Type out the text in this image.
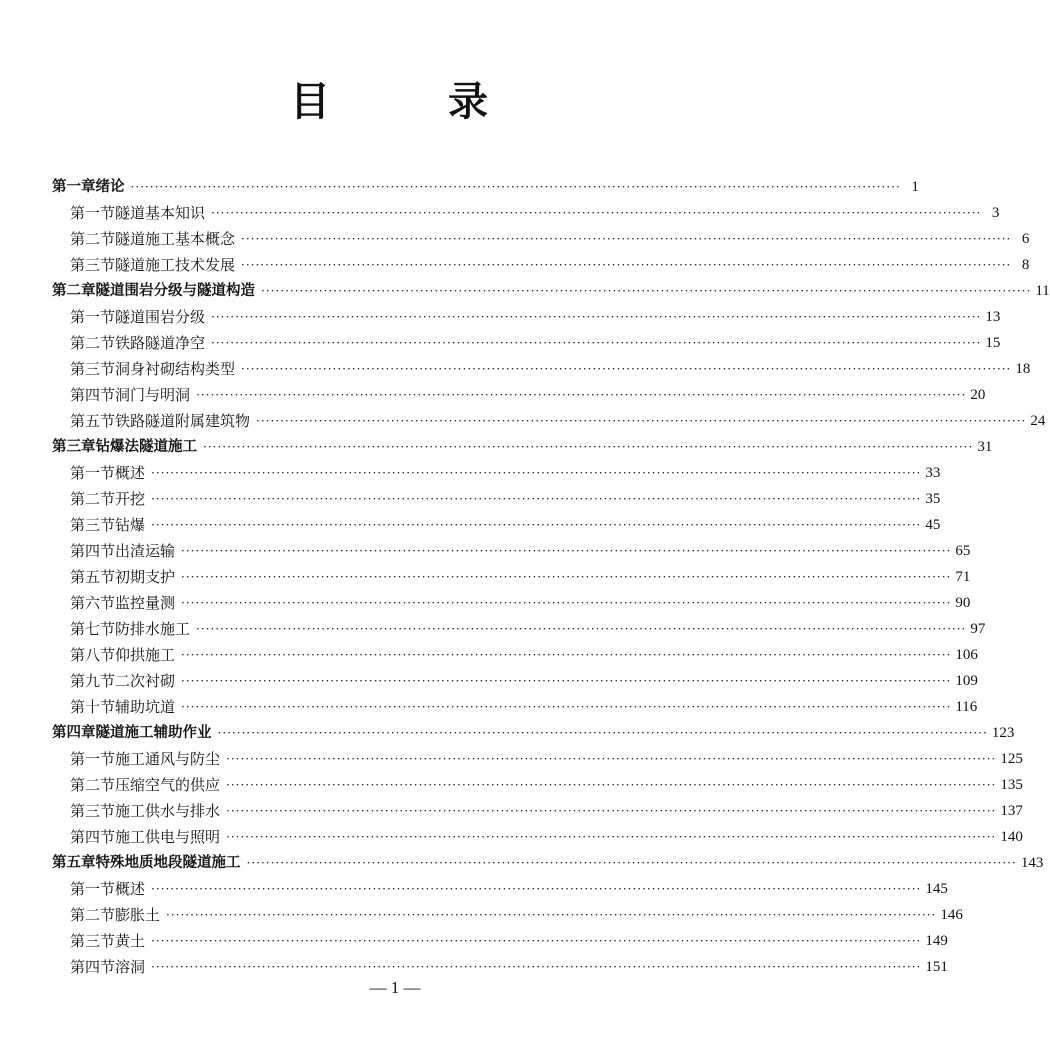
目 录
第一章 绪论 ································································································································································ 1
第一节 隧道基本知识 ································································································································································ 3
第二节 隧道施工基本概念 ································································································································································ 6
第三节 隧道施工技术发展 ································································································································································ 8
第二章 隧道围岩分级与隧道构造 ································································································································································ 11
第一节 隧道围岩分级 ································································································································································ 13
第二节 铁路隧道净空 ································································································································································ 15
第三节 洞身衬砌结构类型 ································································································································································ 18
第四节 洞门与明洞 ································································································································································ 20
第五节 铁路隧道附属建筑物 ································································································································································ 24
第三章 钻爆法隧道施工 ································································································································································ 31
第一节 概述 ································································································································································ 33
第二节 开挖 ································································································································································ 35
第三节 钻爆 ································································································································································ 45
第四节 出渣运输 ································································································································································ 65
第五节 初期支护 ································································································································································ 71
第六节 监控量测 ································································································································································ 90
第七节 防排水施工 ································································································································································ 97
第八节 仰拱施工 ································································································································································ 106
第九节 二次衬砌 ································································································································································ 109
第十节 辅助坑道 ································································································································································ 116
第四章 隧道施工辅助作业 ································································································································································ 123
第一节 施工通风与防尘 ································································································································································ 125
第二节 压缩空气的供应 ································································································································································ 135
第三节 施工供水与排水 ································································································································································ 137
第四节 施工供电与照明 ································································································································································ 140
第五章 特殊地质地段隧道施工 ································································································································································ 143
第一节 概述 ································································································································································ 145
第二节 膨胀土 ································································································································································ 146
第三节 黄土 ································································································································································ 149
第四节 溶洞 ································································································································································ 151
— 1 —
